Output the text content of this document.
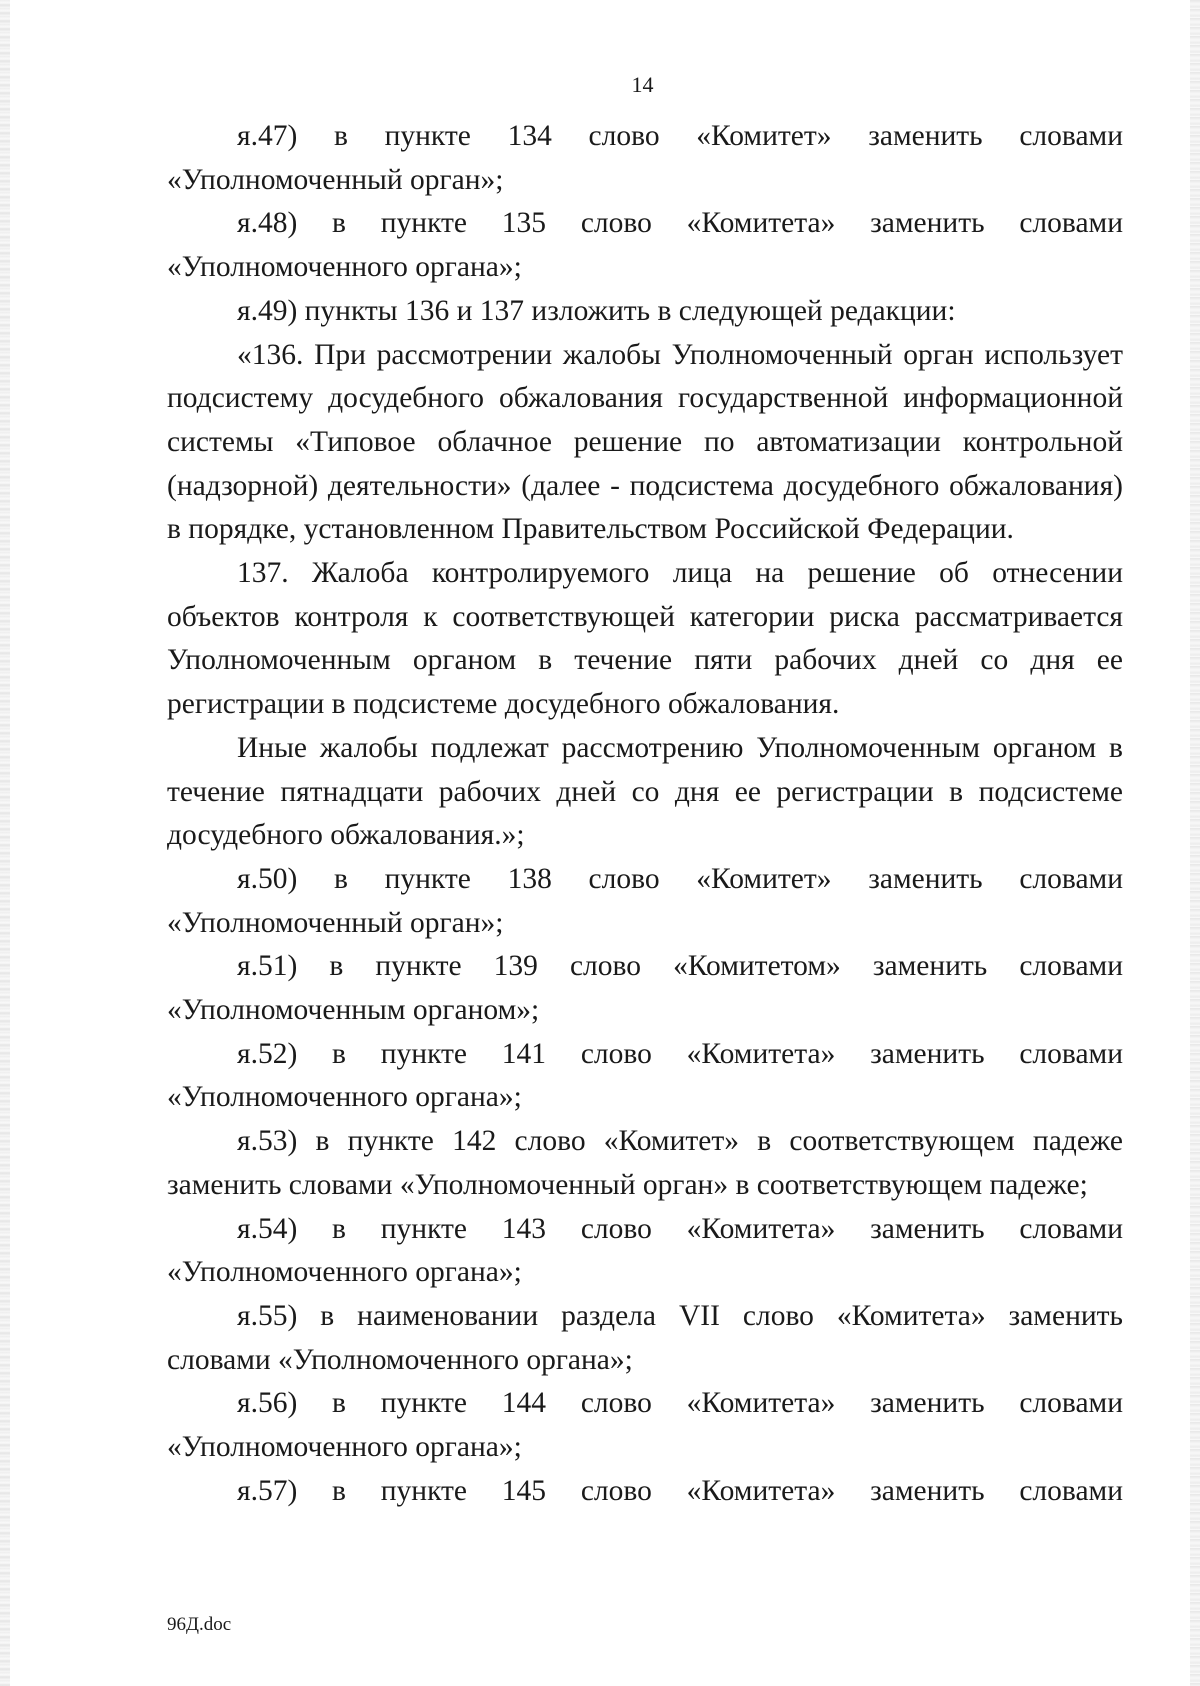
14

я.47) в пункте 134 слово «Комитет» заменить словами «Уполномоченный орган»;

я.48) в пункте 135 слово «Комитета» заменить словами «Уполномоченного органа»;

я.49) пункты 136 и 137 изложить в следующей редакции:

«136. При рассмотрении жалобы Уполномоченный орган использует подсистему досудебного обжалования государственной информационной системы «Типовое облачное решение по автоматизации контрольной (надзорной) деятельности» (далее - подсистема досудебного обжалования) в порядке, установленном Правительством Российской Федерации.

137. Жалоба контролируемого лица на решение об отнесении объектов контроля к соответствующей категории риска рассматривается Уполномоченным органом в течение пяти рабочих дней со дня ее регистрации в подсистеме досудебного обжалования.

Иные жалобы подлежат рассмотрению Уполномоченным органом в течение пятнадцати рабочих дней со дня ее регистрации в подсистеме досудебного обжалования.»;

я.50) в пункте 138 слово «Комитет» заменить словами «Уполномоченный орган»;

я.51) в пункте 139 слово «Комитетом» заменить словами «Уполномоченным органом»;

я.52) в пункте 141 слово «Комитета» заменить словами «Уполномоченного органа»;

я.53) в пункте 142 слово «Комитет» в соответствующем падеже заменить словами «Уполномоченный орган» в соответствующем падеже;

я.54) в пункте 143 слово «Комитета» заменить словами «Уполномоченного органа»;

я.55) в наименовании раздела VII слово «Комитета» заменить словами «Уполномоченного органа»;

я.56) в пункте 144 слово «Комитета» заменить словами «Уполномоченного органа»;

я.57) в пункте 145 слово «Комитета» заменить словами

96Д.doc
